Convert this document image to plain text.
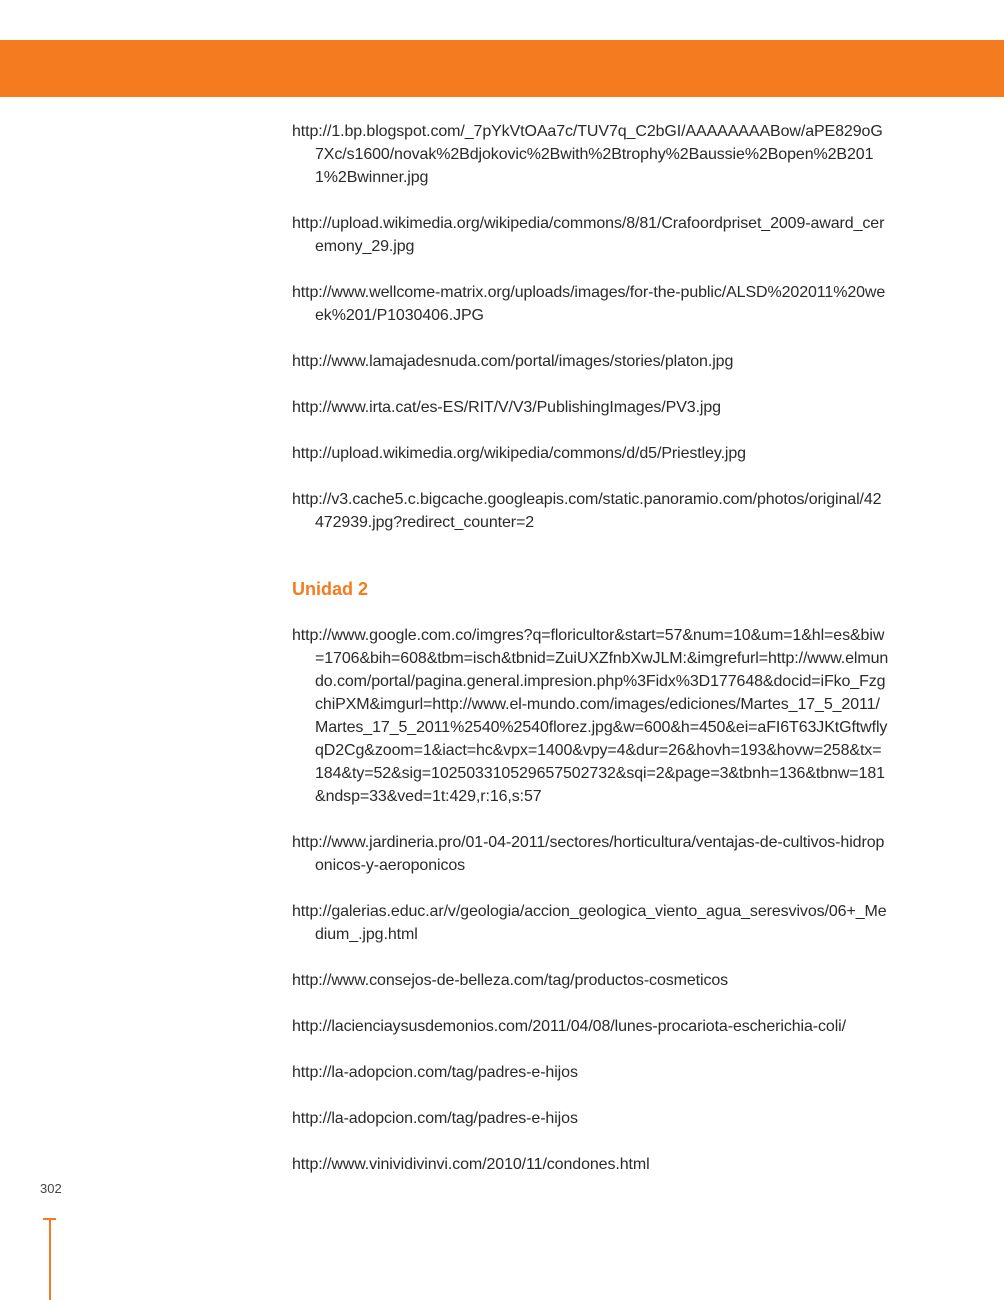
http://1.bp.blogspot.com/_7pYkVtOAa7c/TUV7q_C2bGI/AAAAAAAABow/aPE829oG7Xc/s1600/novak%2Bdjokovic%2Bwith%2Btrophy%2Baussie%2Bopen%2B2011%2Bwinner.jpg

http://upload.wikimedia.org/wikipedia/commons/8/81/Crafoordpriset_2009-award_ceremony_29.jpg

http://www.wellcome-matrix.org/uploads/images/for-the-public/ALSD%202011%20week%201/P1030406.JPG

http://www.lamajadesnuda.com/portal/images/stories/platon.jpg

http://www.irta.cat/es-ES/RIT/V/V3/PublishingImages/PV3.jpg

http://upload.wikimedia.org/wikipedia/commons/d/d5/Priestley.jpg

http://v3.cache5.c.bigcache.googleapis.com/static.panoramio.com/photos/original/42472939.jpg?redirect_counter=2

Unidad 2

http://www.google.com.co/imgres?q=floricultor&start=57&num=10&um=1&hl=es&biw=1706&bih=608&tbm=isch&tbnid=ZuiUXZfnbXwJLM:&imgrefurl=http://www.elmundo.com/portal/pagina.general.impresion.php%3Fidx%3D177648&docid=iFko_FzgchiPXM&imgurl=http://www.el-mundo.com/images/ediciones/Martes_17_5_2011/Martes_17_5_2011%2540%2540florez.jpg&w=600&h=450&ei=aFI6T63JKtGftwflyqD2Cg&zoom=1&iact=hc&vpx=1400&vpy=4&dur=26&hovh=193&hovw=258&tx=184&ty=52&sig=102503310529657502732&sqi=2&page=3&tbnh=136&tbnw=181&ndsp=33&ved=1t:429,r:16,s:57

http://www.jardineria.pro/01-04-2011/sectores/horticultura/ventajas-de-cultivos-hidroponicos-y-aeroponicos

http://galerias.educ.ar/v/geologia/accion_geologica_viento_agua_seresvivos/06+_Medium_.jpg.html

http://www.consejos-de-belleza.com/tag/productos-cosmeticos

http://lacienciaysusdemonios.com/2011/04/08/lunes-procariota-escherichia-coli/

http://la-adopcion.com/tag/padres-e-hijos

http://la-adopcion.com/tag/padres-e-hijos

http://www.vinividivinvi.com/2010/11/condones.html

302
